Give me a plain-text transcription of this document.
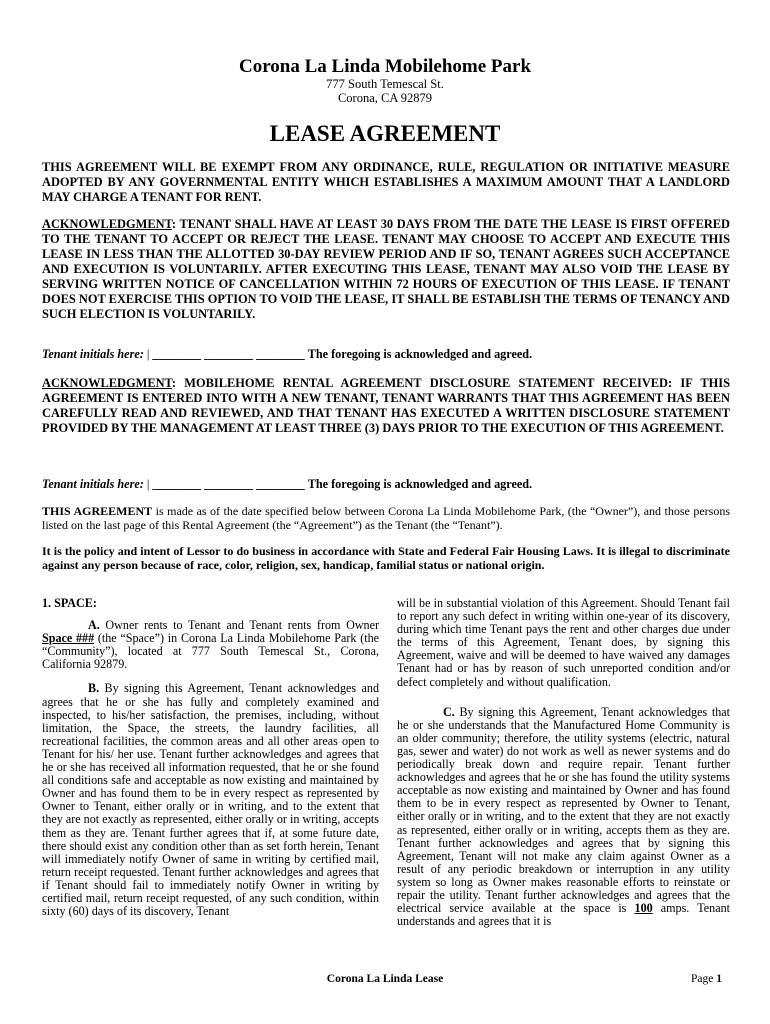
Corona La Linda Mobilehome Park
777 South Temescal St.
Corona, CA 92879
LEASE AGREEMENT
THIS AGREEMENT WILL BE EXEMPT FROM ANY ORDINANCE, RULE, REGULATION OR INITIATIVE MEASURE ADOPTED BY ANY GOVERNMENTAL ENTITY WHICH ESTABLISHES A MAXIMUM AMOUNT THAT A LANDLORD MAY CHARGE A TENANT FOR RENT.
ACKNOWLEDGMENT: TENANT SHALL HAVE AT LEAST 30 DAYS FROM THE DATE THE LEASE IS FIRST OFFERED TO THE TENANT TO ACCEPT OR REJECT THE LEASE. TENANT MAY CHOOSE TO ACCEPT AND EXECUTE THIS LEASE IN LESS THAN THE ALLOTTED 30-DAY REVIEW PERIOD AND IF SO, TENANT AGREES SUCH ACCEPTANCE AND EXECUTION IS VOLUNTARILY. AFTER EXECUTING THIS LEASE, TENANT MAY ALSO VOID THE LEASE BY SERVING WRITTEN NOTICE OF CANCELLATION WITHIN 72 HOURS OF EXECUTION OF THIS LEASE. IF TENANT DOES NOT EXERCISE THIS OPTION TO VOID THE LEASE, IT SHALL BE ESTABLISH THE TERMS OF TENANCY AND SUCH ELECTION IS VOLUNTARILY.
Tenant initials here: | ________ ________ ________ The foregoing is acknowledged and agreed.
ACKNOWLEDGMENT: MOBILEHOME RENTAL AGREEMENT DISCLOSURE STATEMENT RECEIVED: IF THIS AGREEMENT IS ENTERED INTO WITH A NEW TENANT, TENANT WARRANTS THAT THIS AGREEMENT HAS BEEN CAREFULLY READ AND REVIEWED, AND THAT TENANT HAS EXECUTED A WRITTEN DISCLOSURE STATEMENT PROVIDED BY THE MANAGEMENT AT LEAST THREE (3) DAYS PRIOR TO THE EXECUTION OF THIS AGREEMENT.
Tenant initials here: | ________ ________ ________ The foregoing is acknowledged and agreed.
THIS AGREEMENT is made as of the date specified below between Corona La Linda Mobilehome Park, (the “Owner”), and those persons listed on the last page of this Rental Agreement (the “Agreement”) as the Tenant (the “Tenant”).
It is the policy and intent of Lessor to do business in accordance with State and Federal Fair Housing Laws. It is illegal to discriminate against any person because of race, color, religion, sex, handicap, familial status or national origin.
1. SPACE:
A. Owner rents to Tenant and Tenant rents from Owner Space ### (the “Space”) in Corona La Linda Mobilehome Park (the “Community”), located at 777 South Temescal St., Corona, California 92879.
B. By signing this Agreement, Tenant acknowledges and agrees that he or she has fully and completely examined and inspected, to his/her satisfaction, the premises, including, without limitation, the Space, the streets, the laundry facilities, all recreational facilities, the common areas and all other areas open to Tenant for his/ her use. Tenant further acknowledges and agrees that he or she has received all information requested, that he or she found all conditions safe and acceptable as now existing and maintained by Owner and has found them to be in every respect as represented by Owner to Tenant, either orally or in writing, and to the extent that they are not exactly as represented, either orally or in writing, accepts them as they are. Tenant further agrees that if, at some future date, there should exist any condition other than as set forth herein, Tenant will immediately notify Owner of same in writing by certified mail, return receipt requested. Tenant further acknowledges and agrees that if Tenant should fail to immediately notify Owner in writing by certified mail, return receipt requested, of any such condition, within sixty (60) days of its discovery, Tenant
will be in substantial violation of this Agreement. Should Tenant fail to report any such defect in writing within one-year of its discovery, during which time Tenant pays the rent and other charges due under the terms of this Agreement, Tenant does, by signing this Agreement, waive and will be deemed to have waived any damages Tenant had or has by reason of such unreported condition and/or defect completely and without qualification.
C. By signing this Agreement, Tenant acknowledges that he or she understands that the Manufactured Home Community is an older community; therefore, the utility systems (electric, natural gas, sewer and water) do not work as well as newer systems and do periodically break down and require repair. Tenant further acknowledges and agrees that he or she has found the utility systems acceptable as now existing and maintained by Owner and has found them to be in every respect as represented by Owner to Tenant, either orally or in writing, and to the extent that they are not exactly as represented, either orally or in writing, accepts them as they are. Tenant further acknowledges and agrees that by signing this Agreement, Tenant will not make any claim against Owner as a result of any periodic breakdown or interruption in any utility system so long as Owner makes reasonable efforts to reinstate or repair the utility. Tenant further acknowledges and agrees that the electrical service available at the space is 100 amps. Tenant understands and agrees that it is
Corona La Linda Lease	Page 1
